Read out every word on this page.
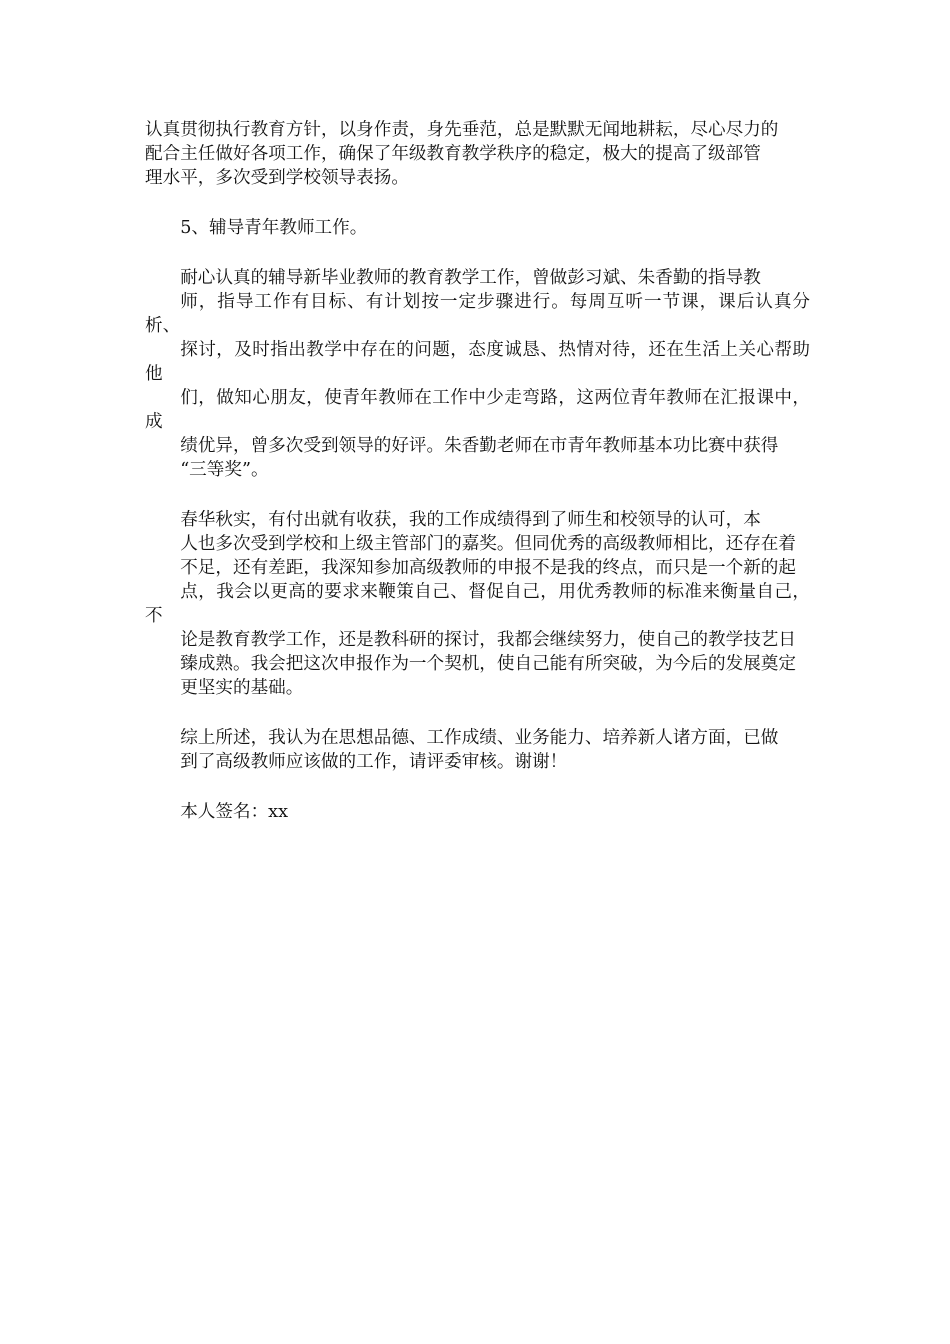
认真贯彻执行教育方针，以身作责，身先垂范，总是默默无闻地耕耘，尽心尽力的
配合主任做好各项工作，确保了年级教育教学秩序的稳定，极大的提高了级部管
理水平，多次受到学校领导表扬。

5、辅导青年教师工作。

耐心认真的辅导新毕业教师的教育教学工作，曾做彭习斌、朱香勤的指导教
师，指导工作有目标、有计划按一定步骤进行。每周互听一节课，课后认真分析、
探讨，及时指出教学中存在的问题，态度诚恳、热情对待，还在生活上关心帮助他
们，做知心朋友，使青年教师在工作中少走弯路，这两位青年教师在汇报课中，成
绩优异，曾多次受到领导的好评。朱香勤老师在市青年教师基本功比赛中获得
“三等奖”。

春华秋实，有付出就有收获，我的工作成绩得到了师生和校领导的认可，本
人也多次受到学校和上级主管部门的嘉奖。但同优秀的高级教师相比，还存在着
不足，还有差距，我深知参加高级教师的申报不是我的终点，而只是一个新的起
点，我会以更高的要求来鞭策自己、督促自己，用优秀教师的标准来衡量自己，不
论是教育教学工作，还是教科研的探讨，我都会继续努力，使自己的教学技艺日
臻成熟。我会把这次申报作为一个契机，使自己能有所突破，为今后的发展奠定
更坚实的基础。

综上所述，我认为在思想品德、工作成绩、业务能力、培养新人诸方面，已做
到了高级教师应该做的工作，请评委审核。谢谢！

本人签名：xx
